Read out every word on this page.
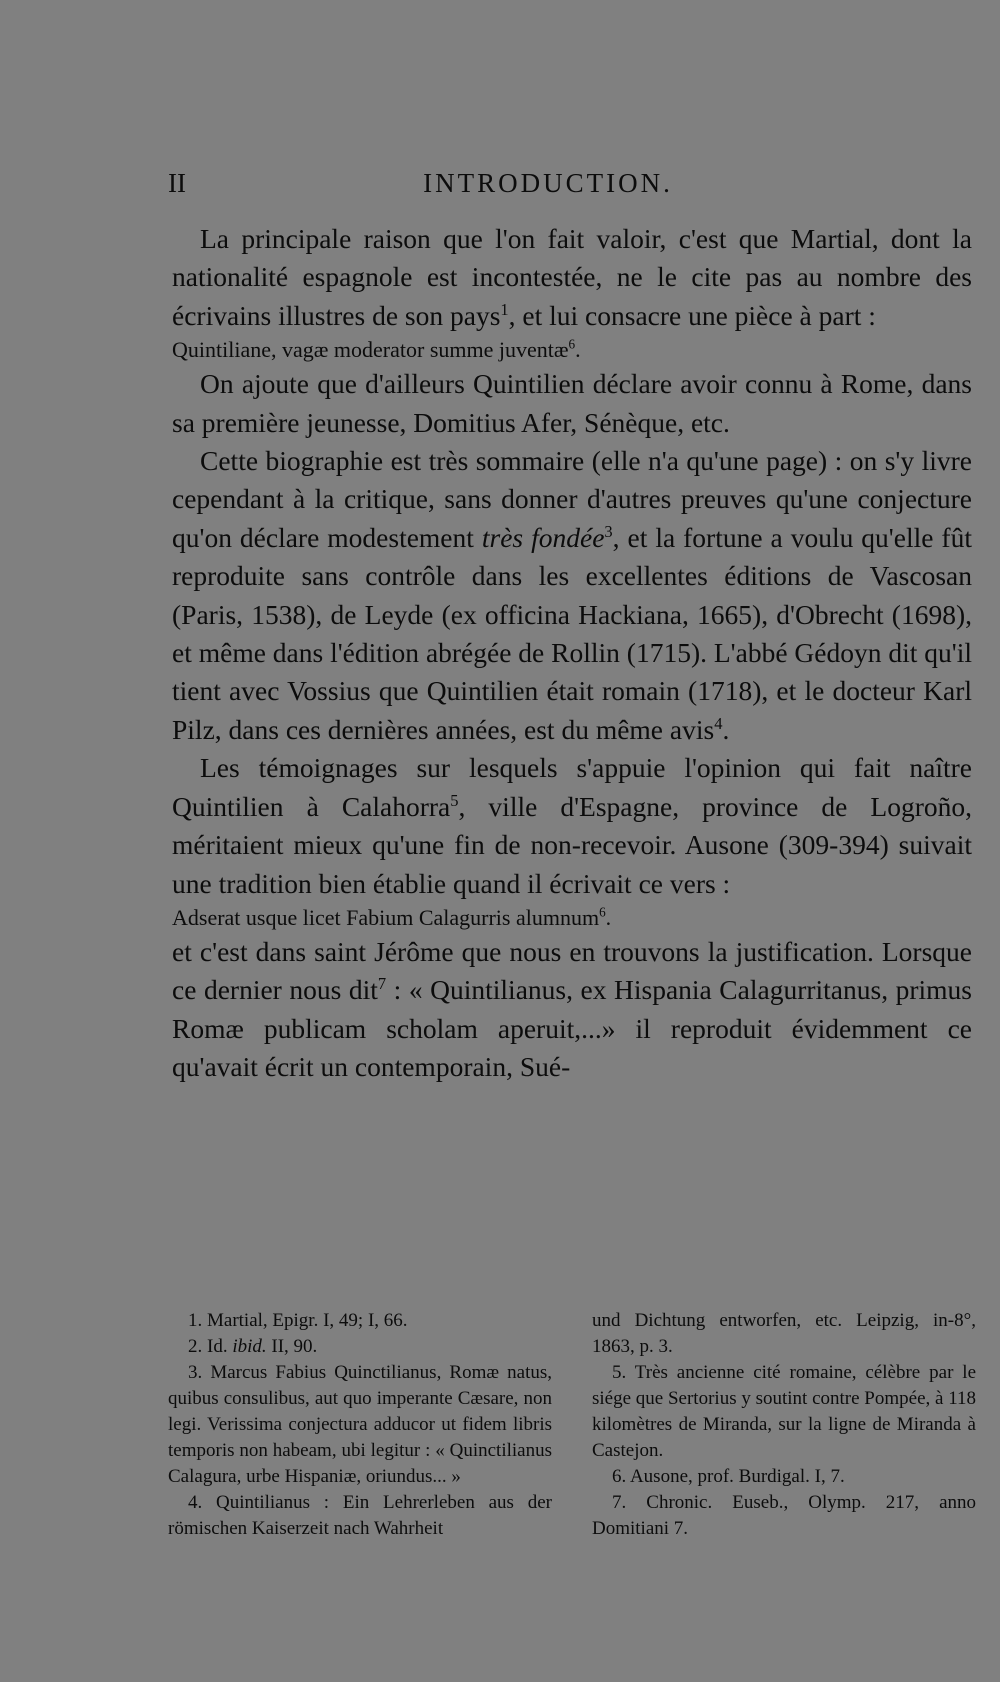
II	INTRODUCTION.

La principale raison que l'on fait valoir, c'est que Martial, dont la nationalité espagnole est incontestée, ne le cite pas au nombre des écrivains illustres de son pays$^1$, et lui consacre une pièce à part :

Quintiliane, vagæ moderator summe juventæ$^6$.

On ajoute que d'ailleurs Quintilien déclare avoir connu à Rome, dans sa première jeunesse, Domitius Afer, Sénèque, etc.

Cette biographie est très sommaire (elle n'a qu'une page) : on s'y livre cependant à la critique, sans donner d'autres preuves qu'une conjecture qu'on déclare modestement très fondée$^3$, et la fortune a voulu qu'elle fût reproduite sans contrôle dans les excellentes éditions de Vascosan (Paris, 1538), de Leyde (ex officina Hackiana, 1665), d'Obrecht (1698), et même dans l'édition abrégée de Rollin (1715). L'abbé Gédoyn dit qu'il tient avec Vossius que Quintilien était romain (1718), et le docteur Karl Pilz, dans ces dernières années, est du même avis$^4$.

Les témoignages sur lesquels s'appuie l'opinion qui fait naître Quintilien à Calahorra$^5$, ville d'Espagne, province de Logroño, méritaient mieux qu'une fin de non-recevoir. Ausone (309-394) suivait une tradition bien établie quand il écrivait ce vers :

Adserat usque licet Fabium Calagurris alumnum$^6$.

et c'est dans saint Jérôme que nous en trouvons la justification. Lorsque ce dernier nous dit$^7$ : « Quintilianus, ex Hispania Calagurritanus, primus Romæ publicam scholam aperuit,...» il reproduit évidemment ce qu'avait écrit un contemporain, Sué-

1. Martial, Epigr. I, 49; I, 66.

2. Id. ibid. II, 90.

3. Marcus Fabius Quinctilianus, Romæ natus, quibus consulibus, aut quo imperante Cæsare, non legi. Verissima conjectura adducor ut fidem libris temporis non habeam, ubi legitur : « Quinctilianus Calagura, urbe Hispaniæ, oriundus... »

4. Quintilianus : Ein Lehrerleben aus der römischen Kaiserzeit nach Wahrheit

und Dichtung entworfen, etc. Leipzig, in-8°, 1863, p. 3.

5. Très ancienne cité romaine, célèbre par le siége que Sertorius y soutint contre Pompée, à 118 kilomètres de Miranda, sur la ligne de Miranda à Castejon.

6. Ausone, prof. Burdigal. I, 7.

7. Chronic. Euseb., Olymp. 217, anno Domitiani 7.
